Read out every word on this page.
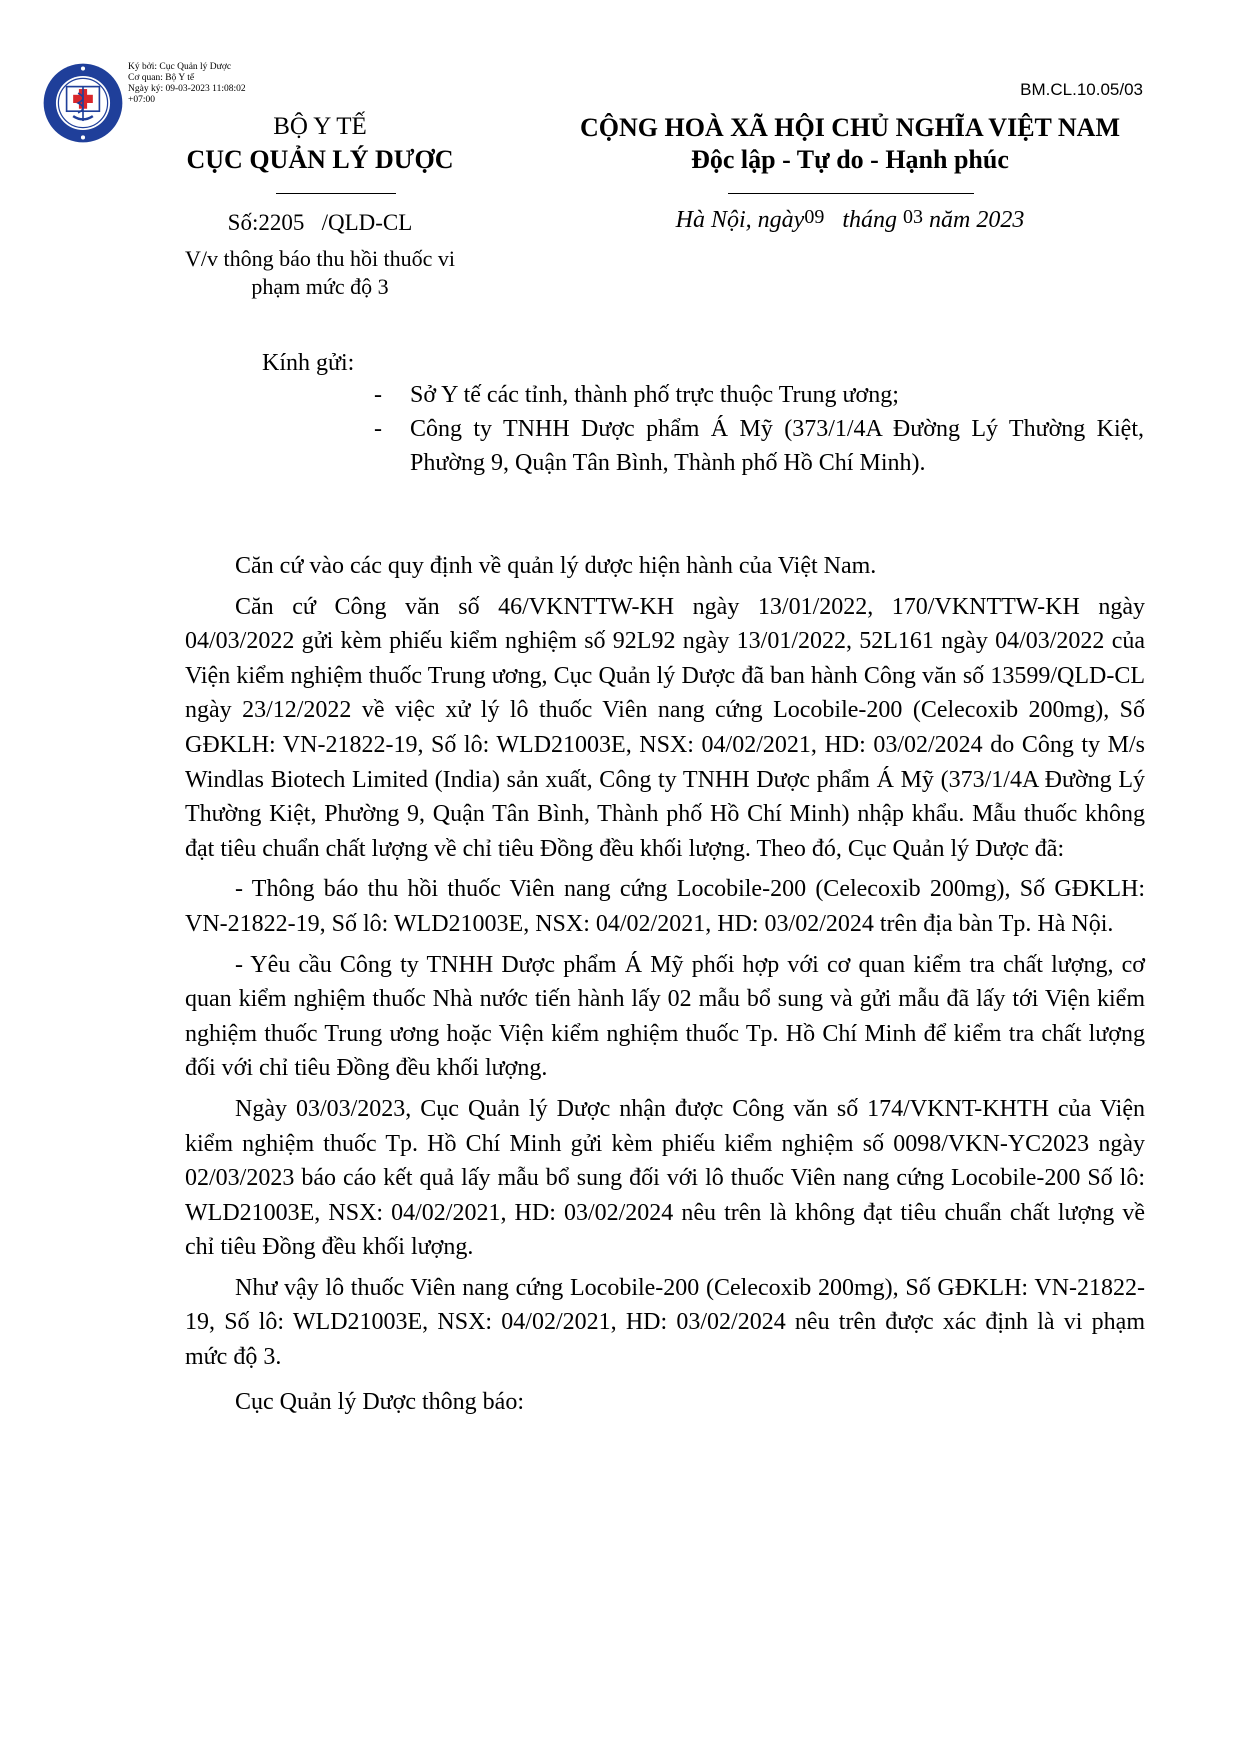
Ký bởi: Cục Quản lý Dược
Cơ quan: Bộ Y tế
Ngày ký: 09-03-2023 11:08:02 +07:00
BM.CL.10.05/03
BỘ Y TẾ
CỤC QUẢN LÝ DƯỢC
Số:2205 /QLD-CL
V/v thông báo thu hồi thuốc vi phạm mức độ 3
CỘNG HOÀ XÃ HỘI CHỦ NGHĨA VIỆT NAM
Độc lập - Tự do - Hạnh phúc
Hà Nội, ngày09 tháng 03 năm 2023
Kính gửi:
- Sở Y tế các tỉnh, thành phố trực thuộc Trung ương;
- Công ty TNHH Dược phẩm Á Mỹ (373/1/4A Đường Lý Thường Kiệt, Phường 9, Quận Tân Bình, Thành phố Hồ Chí Minh).

Căn cứ vào các quy định về quản lý dược hiện hành của Việt Nam.

Căn cứ Công văn số 46/VKNTTW-KH ngày 13/01/2022, 170/VKNTTW-KH ngày 04/03/2022 gửi kèm phiếu kiểm nghiệm số 92L92 ngày 13/01/2022, 52L161 ngày 04/03/2022 của Viện kiểm nghiệm thuốc Trung ương, Cục Quản lý Dược đã ban hành Công văn số 13599/QLD-CL ngày 23/12/2022 về việc xử lý lô thuốc Viên nang cứng Locobile-200 (Celecoxib 200mg), Số GĐKLH: VN-21822-19, Số lô: WLD21003E, NSX: 04/02/2021, HD: 03/02/2024 do Công ty M/s Windlas Biotech Limited (India) sản xuất, Công ty TNHH Dược phẩm Á Mỹ (373/1/4A Đường Lý Thường Kiệt, Phường 9, Quận Tân Bình, Thành phố Hồ Chí Minh) nhập khẩu. Mẫu thuốc không đạt tiêu chuẩn chất lượng về chỉ tiêu Đồng đều khối lượng. Theo đó, Cục Quản lý Dược đã:

- Thông báo thu hồi thuốc Viên nang cứng Locobile-200 (Celecoxib 200mg), Số GĐKLH: VN-21822-19, Số lô: WLD21003E, NSX: 04/02/2021, HD: 03/02/2024 trên địa bàn Tp. Hà Nội.

- Yêu cầu Công ty TNHH Dược phẩm Á Mỹ phối hợp với cơ quan kiểm tra chất lượng, cơ quan kiểm nghiệm thuốc Nhà nước tiến hành lấy 02 mẫu bổ sung và gửi mẫu đã lấy tới Viện kiểm nghiệm thuốc Trung ương hoặc Viện kiểm nghiệm thuốc Tp. Hồ Chí Minh để kiểm tra chất lượng đối với chỉ tiêu Đồng đều khối lượng.

Ngày 03/03/2023, Cục Quản lý Dược nhận được Công văn số 174/VKNT-KHTH của Viện kiểm nghiệm thuốc Tp. Hồ Chí Minh gửi kèm phiếu kiểm nghiệm số 0098/VKN-YC2023 ngày 02/03/2023 báo cáo kết quả lấy mẫu bổ sung đối với lô thuốc Viên nang cứng Locobile-200 Số lô: WLD21003E, NSX: 04/02/2021, HD: 03/02/2024 nêu trên là không đạt tiêu chuẩn chất lượng về chỉ tiêu Đồng đều khối lượng.

Như vậy lô thuốc Viên nang cứng Locobile-200 (Celecoxib 200mg), Số GĐKLH: VN-21822-19, Số lô: WLD21003E, NSX: 04/02/2021, HD: 03/02/2024 nêu trên được xác định là vi phạm mức độ 3.

Cục Quản lý Dược thông báo:
